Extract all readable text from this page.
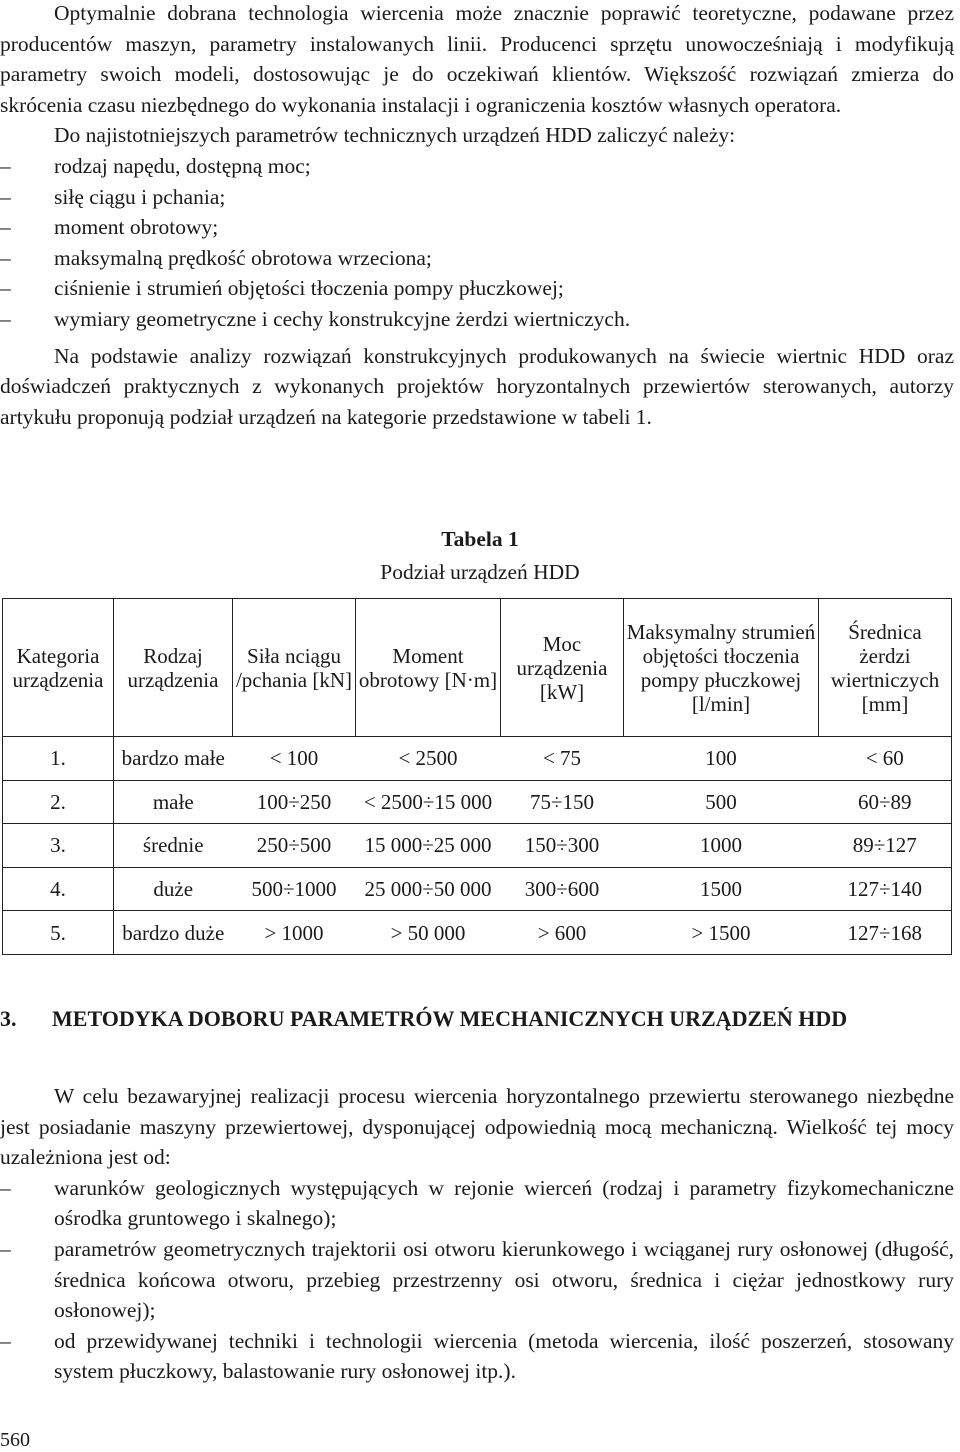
Optymalnie dobrana technologia wiercenia może znacznie poprawić teoretyczne, podawane przez producentów maszyn, parametry instalowanych linii. Producenci sprzętu unowocześniają i modyfikują parametry swoich modeli, dostosowując je do oczekiwań klientów. Większość rozwiązań zmierza do skrócenia czasu niezbędnego do wykonania instalacji i ograniczenia kosztów własnych operatora.

Do najistotniejszych parametrów technicznych urządzeń HDD zaliczyć należy:

– rodzaj napędu, dostępną moc;
– siłę ciągu i pchania;
– moment obrotowy;
– maksymalną prędkość obrotowa wrzeciona;
– ciśnienie i strumień objętości tłoczenia pompy płuczkowej;
– wymiary geometryczne i cechy konstrukcyjne żerdzi wiertniczych.

Na podstawie analizy rozwiązań konstrukcyjnych produkowanych na świecie wiertnic HDD oraz doświadczeń praktycznych z wykonanych projektów horyzontalnych przewiertów sterowanych, autorzy artykułu proponują podział urządzeń na kategorie przedstawione w tabeli 1.

Tabela 1
Podział urządzeń HDD
Kategoria urządzenia	Rodzaj urządzenia	Siła nciągu /pchania [kN]	Moment obrotowy [N·m]	Moc urządzenia [kW]	Maksymalny strumień objętości tłoczenia pompy płuczkowej [l/min]	Średnica żerdzi wiertniczych [mm]
1.	bardzo małe	< 100	< 2500	< 75	100	< 60
2.	małe	100÷250	< 2500÷15 000	75÷150	500	60÷89
3.	średnie	250÷500	15 000÷25 000	150÷300	1000	89÷127
4.	duże	500÷1000	25 000÷50 000	300÷600	1500	127÷140
5.	bardzo duże	> 1000	> 50 000	> 600	> 1500	127÷168
3. METODYKA DOBORU PARAMETRÓW MECHANICZNYCH URZĄDZEŃ HDD

W celu bezawaryjnej realizacji procesu wiercenia horyzontalnego przewiertu sterowanego niezbędne jest posiadanie maszyny przewiertowej, dysponującej odpowiednią mocą mechaniczną. Wielkość tej mocy uzależniona jest od:

– warunków geologicznych występujących w rejonie wierceń (rodzaj i parametry fizykomechaniczne ośrodka gruntowego i skalnego);
– parametrów geometrycznych trajektorii osi otworu kierunkowego i wciąganej rury osłonowej (długość, średnica końcowa otworu, przebieg przestrzenny osi otworu, średnica i ciężar jednostkowy rury osłonowej);
– od przewidywanej techniki i technologii wiercenia (metoda wiercenia, ilość poszerzeń, stosowany system płuczkowy, balastowanie rury osłonowej itp.).
560
